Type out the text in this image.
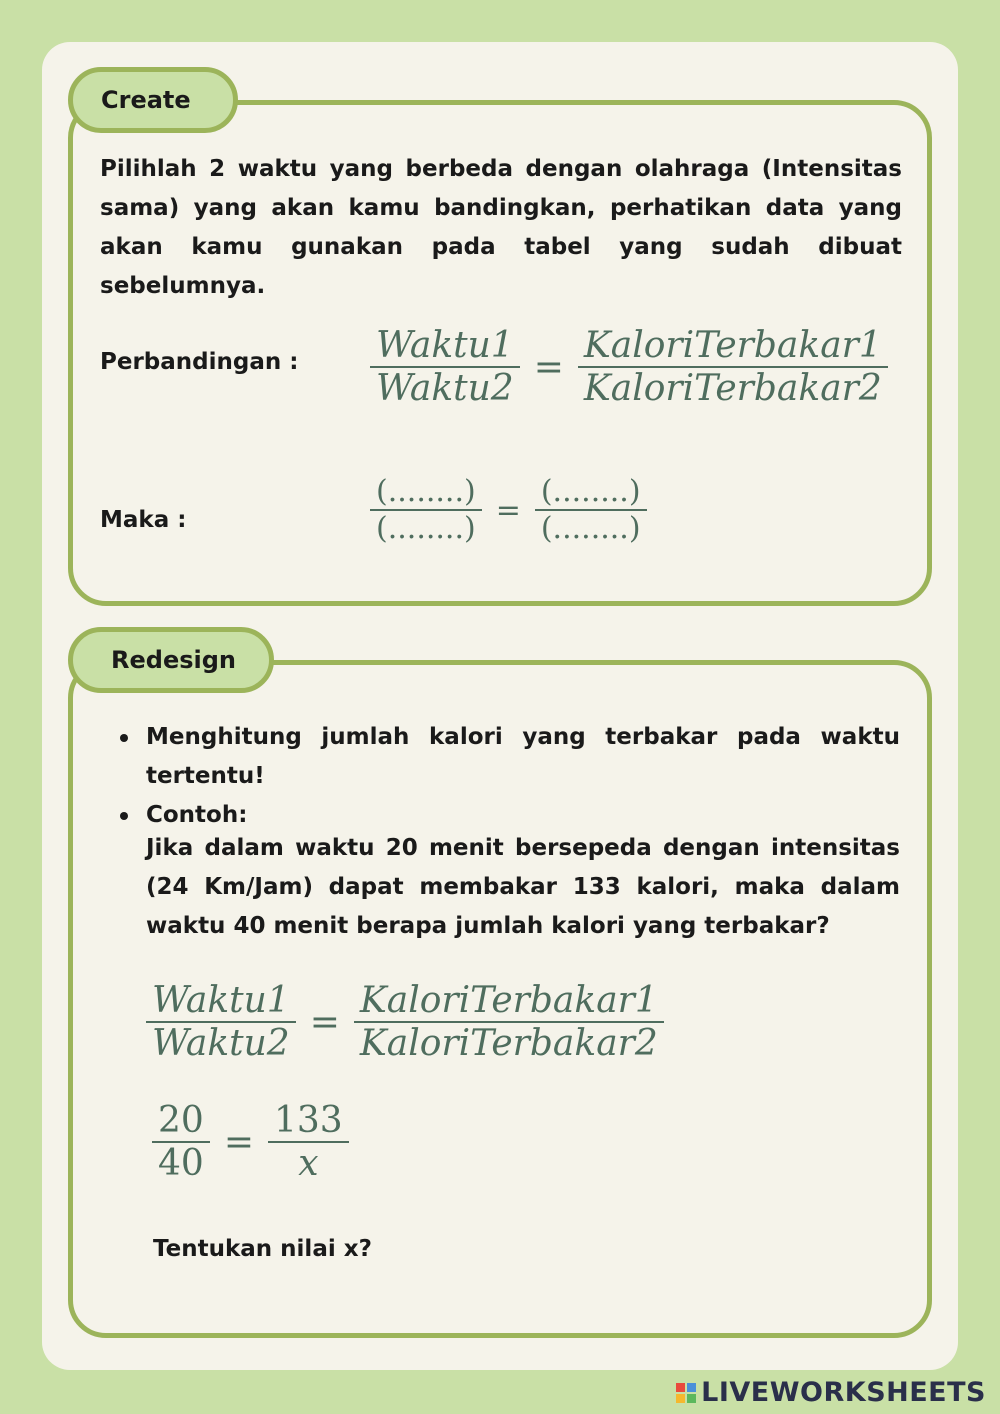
Create

Pilihlah 2 waktu yang berbeda dengan olahraga (Intensitas sama) yang akan kamu bandingkan, perhatikan data yang akan kamu gunakan pada tabel yang sudah dibuat sebelumnya.

Perbandingan : $\frac{\text{Waktu1}}{\text{Waktu2}} = \frac{\text{KaloriTerbakar1}}{\text{KaloriTerbakar2}}$
Maka :	$\frac{(........)}{(........)} = \frac{(........)}{(........)}$
Redesign
Menghitung jumlah kalori yang terbakar pada waktu tertentu!
Contoh:

Jika dalam waktu 20 menit bersepeda dengan intensitas (24 Km/Jam) dapat membakar 133 kalori, maka dalam waktu 40 menit berapa jumlah kalori yang terbakar?

$\frac{\text{Waktu1}}{\text{Waktu2}} = \frac{\text{KaloriTerbakar1}}{\text{KaloriTerbakar2}}$
$\frac{20}{40} = \frac{133}{x}$
Tentukan nilai x?
LIVEWORKSHEETS
